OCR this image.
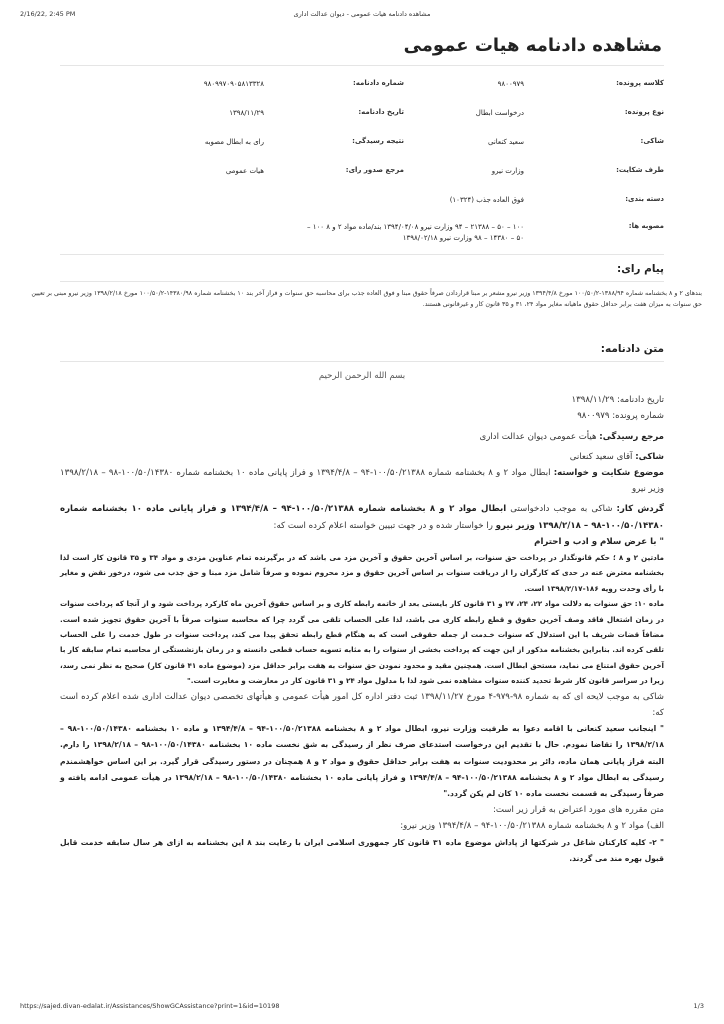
2/16/22, 2:45 PM	مشاهده دادنامه هیات عمومی - دیوان عدالت اداری
مشاهده دادنامه هیات عمومی
کلاسه پرونده:
۹۸۰۰۹۷۹
شماره دادنامه:
۹۸۰۹۹۷۰۹۰۵۸۱۳۳۲۸
نوع پرونده:
درخواست ابطال
تاریخ دادنامه:
۱۳۹۸/۱۱/۲۹
شاکی:
سعید کنعانی
نتیجه رسیدگی:
رای به ابطال مصوبه
طرف شکایت:
وزارت نیرو
مرجع صدور رای:
هیات عمومی
دسته بندی:
فوق العاده جذب (۱۰۳۲۴)
مصوبه ها:
۱۰۰ – ۵۰ – ۲۱۳۸۸ – ۹۴ وزارت نیرو ۱۳۹۴/۰۴/۰۸ بند/ماده مواد ۲ و ۸ ۱۰۰ – ۵۰ – ۱۴۳۸۰ – ۹۸ وزارت نیرو ۱۳۹۸/۰۲/۱۸
پیام رای:

بندهای ۲ و ۸ بخشنامه شماره ۱۳۸۸/۹۴-۱۰۰/۵۰/۲ مورخ ۱۳۹۴/۴/۸ وزیر نیرو مشعر بر مبنا قراردادن صرفاً حقوق مبنا و فوق العاده جذب برای محاسبه حق سنوات و فراز آخر بند ۱۰ بخشنامه شماره ۱۴۳۸۰/۹۸-۱۰۰/۵۰/۲ مورخ ۱۳۹۸/۲/۱۸ وزیر نیرو مبنی بر تعیین حق سنوات به میزان هفت برابر حداقل حقوق ماهیانه مغایر مواد ۲۴، ۳۱ و ۳۵ قانون کار و غیرقانونی هستند.

متن دادنامه:

بسم الله الرحمن الرحیم

تاریخ دادنامه: ۱۳۹۸/۱۱/۲۹

شماره پرونده: ۹۸۰۰۹۷۹

مرجع رسیدگی: هیأت عمومی دیوان عدالت اداری

شاکی: آقای سعید کنعانی

موضوع شکایت و خواسته: ابطال مواد ۲ و ۸ بخشنامه شماره ۱۰۰/۵۰/۲۱۳۸۸-۹۴ – ۱۳۹۴/۴/۸ و فراز پایانی ماده ۱۰ بخشنامه شماره ۱۰۰/۵۰/۱۴۳۸۰-۹۸ – ۱۳۹۸/۲/۱۸ وزیر نیرو

گردش کار: شاکی به موجب دادخواستی ابطال مواد ۲ و ۸ بخشنامه شماره ۱۰۰/۵۰/۲۱۳۸۸-۹۴ – ۱۳۹۴/۴/۸ و فراز پایانی ماده ۱۰ بخشنامه شماره ۱۰۰/۵۰/۱۴۳۸۰-۹۸ – ۱۳۹۸/۲/۱۸ وزیر نیرو را خواستار شده و در جهت تبیین خواسته اعلام کرده است که:

" با عرض سلام و ادب و احترام

مادتین ۲ و ۸ ؛ حکم قانونگذار در پرداخت حق سنوات، بر اساس آخرین حقوق و آخرین مزد می باشد که در برگیرنده تمام عناوین مزدی و مواد ۳۴ و ۳۵ قانون کار است لذا بخشنامه معترض عنه در حدی که کارگران را از دریافت سنوات بر اساس آخرین حقوق و مزد محروم نموده و صرفاً شامل مزد مبنا و حق جذب می شود، درخور نقض و مغایر با رأی وحدت رویه ۱۸۶-۱۳۹۸/۲/۱۷ است.

ماده ۱۰: حق سنوات به دلالت مواد ۲۲، ۲۴، ۲۷ و ۳۱ قانون کار بایستی بعد از خاتمه رابطه کاری و بر اساس حقوق آخرین ماه کارکرد پرداخت شود و از آنجا که پرداخت سنوات در زمان اشتغال فاقد وصف آخرین حقوق و قطع رابطه کاری می باشد، لذا علی الحساب تلقی می گردد چرا که محاسبه سنوات صرفاً با آخرین حقوق تجویز شده است. مضافاً قضات شریف با این استدلال که سنوات خـدمت از جمله حقوقی است که به هنگام قطع رابطه تحقق پیدا می کند، پرداخت سنوات در طول خدمت را علی الحساب تلقی کرده اند. بنابراین بخشنامه مذکور از این جهت که پرداخت بخشی از سنوات را به مثابه تسویه حساب قطعی دانسته و در زمان بازنشستگی از محاسبه تمام سابقه کار با آخرین حقوق امتناع می نماید، مستحق ابطال است. همچنین مقید و محدود نمودن حق سنوات به هفت برابر حداقل مزد (موضوع ماده ۴۱ قانون کار) صحیح به نظر نمی رسد، زیرا در سراسر قانون کار شرط تحدید کننده سنوات مشاهده نمی شود لذا با مدلول مواد ۲۴ و ۳۱ قانون کار در معارضت و مغایرت است."

شاکی به موجب لایحه ای که به شماره ۹۸-۹۷۹-۴ مورخ ۱۳۹۸/۱۱/۲۷ ثبت دفتر اداره کل امور هیأت عمومی و هیأتهای تخصصی دیوان عدالت اداری شده اعلام کرده است که:

" اینجانب سعید کنعانی با اقامه دعوا به طرفیت وزارت نیرو، ابطال مواد ۲ و ۸ بخشنامه ۱۰۰/۵۰/۲۱۳۸۸-۹۴ – ۱۳۹۴/۴/۸ و ماده ۱۰ بخشنامه ۱۰۰/۵۰/۱۴۳۸۰-۹۸ – ۱۳۹۸/۲/۱۸ را تقاضا نمودم. حال با تقدیم این درخواست استدعای صرف نظر از رسیدگی به شق نخست ماده ۱۰ بخشنامه ۱۰۰/۵۰/۱۴۳۸۰-۹۸ – ۱۳۹۸/۲/۱۸ را دارم. البته فراز پایانی همان ماده، دائر بر محدودیت سنوات به هفت برابر حداقل حقوق و مواد ۲ و ۸ همچنان در دستور رسیدگی قرار گیرد. بر این اساس خواهشمندم رسیدگی به ابطال مواد ۲ و ۸ بخشنامه ۱۰۰/۵۰/۲۱۳۸۸-۹۴ – ۱۳۹۴/۴/۸ و فراز پایانی ماده ۱۰ بخشنامه ۱۰۰/۵۰/۱۴۳۸۰-۹۸ – ۱۳۹۸/۲/۱۸ در هیأت عمومی ادامه یافته و صرفاً رسیدگی به قسمت نخست ماده ۱۰ کان لم یکن گردد."

متن مقرره های مورد اعتراض به قرار زیر است:

الف) مواد ۲ و ۸ بخشنامه شماره ۱۰۰/۵۰/۲۱۳۸۸-۹۴ – ۱۳۹۴/۴/۸ وزیر نیرو:

" ۲- کلیه کارکنان شاغل در شرکتها از پاداش موضوع ماده ۳۱ قانون کار جمهوری اسلامی ایران با رعایت بند ۸ این بخشنامه به ازای هر سال سابقه خدمت قابل قبول بهره مند می گردند.

https://sajed.divan-edalat.ir/Assistances/ShowGCAssistance?print=1&id=10198	1/3
